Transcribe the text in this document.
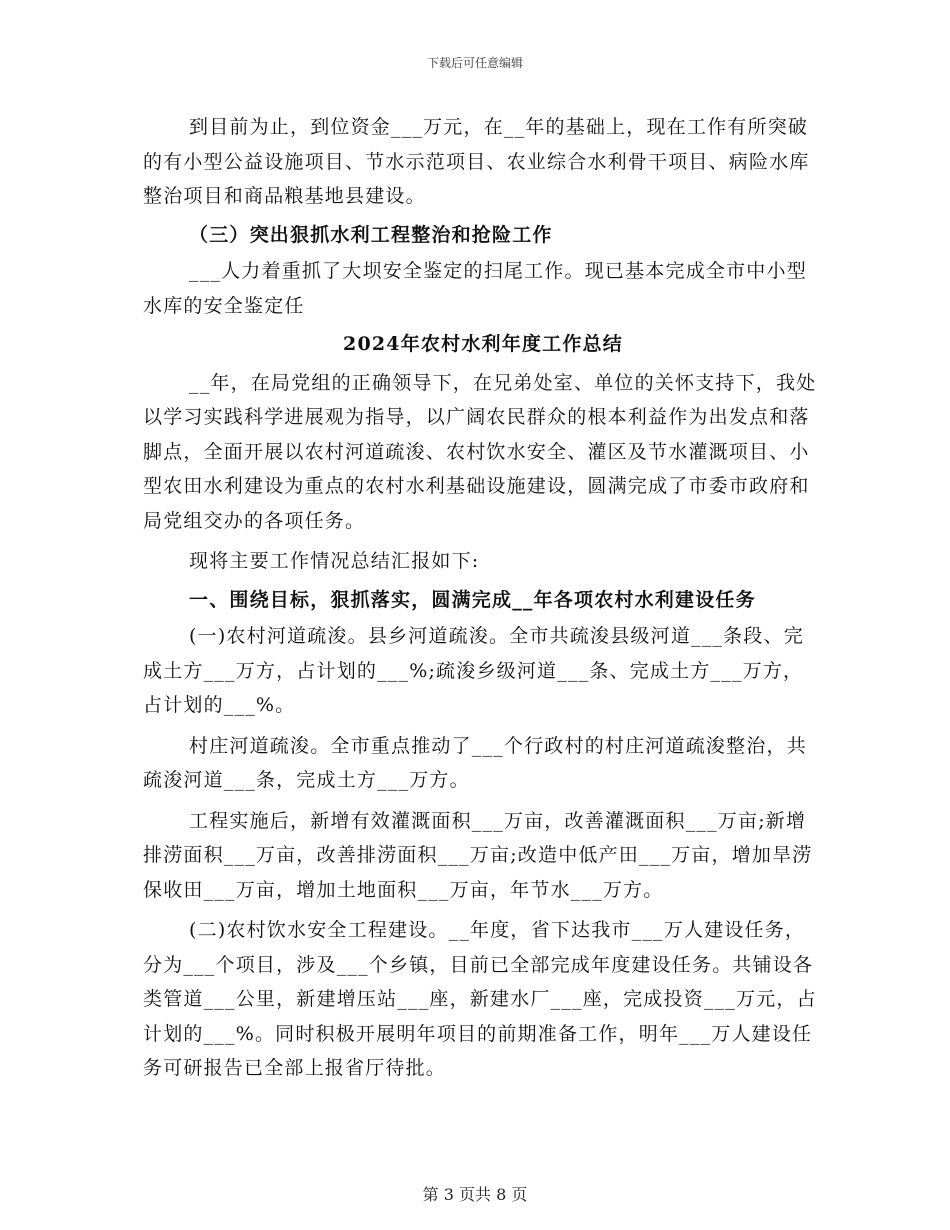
下载后可任意编辑

到目前为止，到位资金___万元，在__年的基础上，现在工作有所突破的有小型公益设施项目、节水示范项目、农业综合水利骨干项目、病险水库整治项目和商品粮基地县建设。

（三）突出狠抓水利工程整治和抢险工作

___人力着重抓了大坝安全鉴定的扫尾工作。现已基本完成全市中小型水库的安全鉴定任

2024年农村水利年度工作总结

__年，在局党组的正确领导下，在兄弟处室、单位的关怀支持下，我处以学习实践科学进展观为指导，以广阔农民群众的根本利益作为出发点和落脚点，全面开展以农村河道疏浚、农村饮水安全、灌区及节水灌溉项目、小型农田水利建设为重点的农村水利基础设施建设，圆满完成了市委市政府和局党组交办的各项任务。

现将主要工作情况总结汇报如下:

一、围绕目标，狠抓落实，圆满完成__年各项农村水利建设任务

(一)农村河道疏浚。县乡河道疏浚。全市共疏浚县级河道___条段、完成土方___万方，占计划的___%;疏浚乡级河道___条、完成土方___万方，占计划的___%。

村庄河道疏浚。全市重点推动了___个行政村的村庄河道疏浚整治，共疏浚河道___条，完成土方___万方。

工程实施后，新增有效灌溉面积___万亩，改善灌溉面积___万亩;新增排涝面积___万亩，改善排涝面积___万亩;改造中低产田___万亩，增加旱涝保收田___万亩，增加土地面积___万亩，年节水___万方。

(二)农村饮水安全工程建设。__年度，省下达我市___万人建设任务，分为___个项目，涉及___个乡镇，目前已全部完成年度建设任务。共铺设各类管道___公里，新建增压站___座，新建水厂___座，完成投资___万元，占计划的___%。同时积极开展明年项目的前期准备工作，明年___万人建设任务可研报告已全部上报省厅待批。

第 3 页共 8 页
